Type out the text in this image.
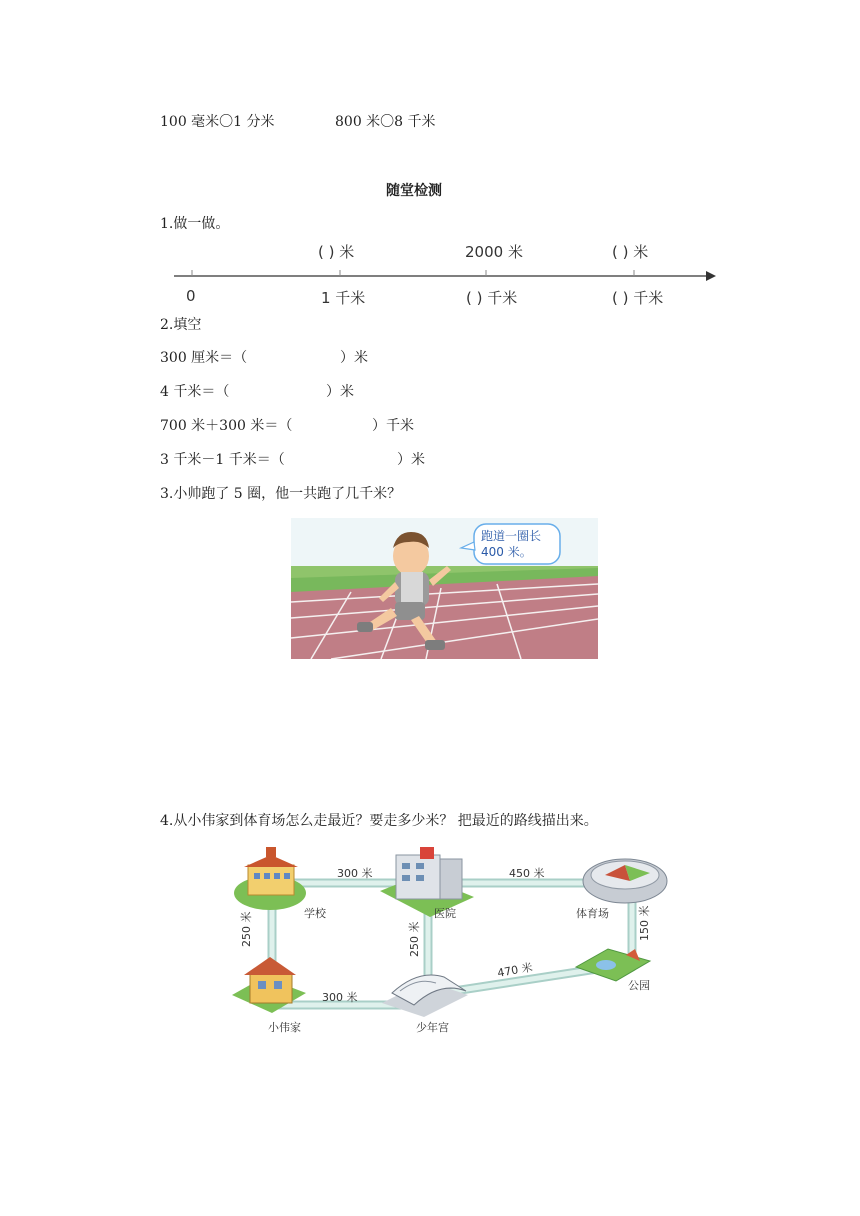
100 毫米〇1 分米	800 米〇8 千米
随堂检测
1.做一做。
( ) 米	2000 米	( ) 米
0	1 千米	( ) 千米	( ) 千米
2.填空
300 厘米＝（	）米
4 千米＝（	）米
700 米＋300 米＝（	）千米
3 千米－1 千米＝（	）米
3.小帅跑了 5 圈，他一共跑了几千米？
跑道一圈长
400 米。
4.从小伟家到体育场怎么走最近？要走多少米？ 把最近的路线描出来。
300 米	450 米
250 米	250 米	150 米
300 米
470 米
学校	医院	体育场
公园
小伟家	少年宫
